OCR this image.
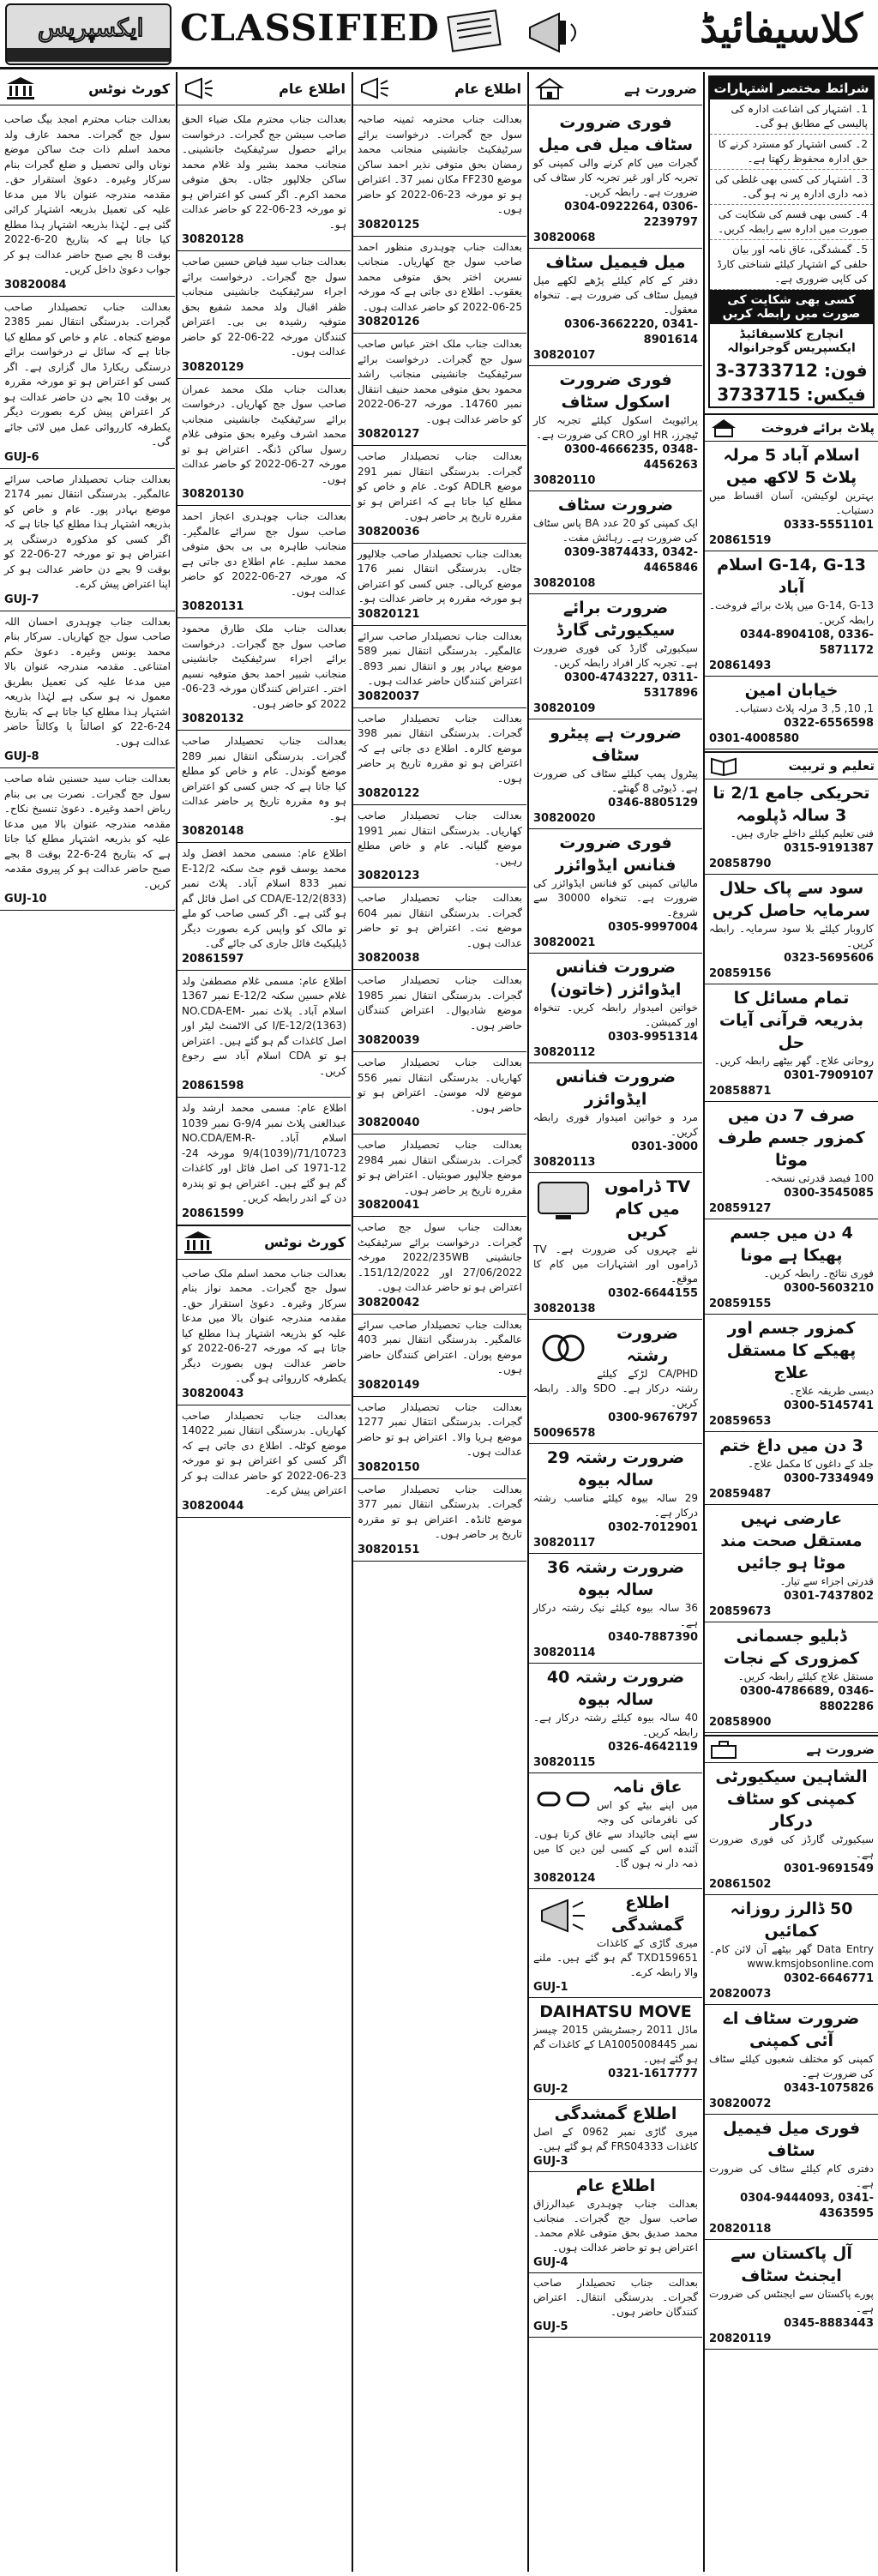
ایکسپریس CLASSIFIED	کلاسیفائیڈ
کورٹ نوٹس
بعدالت جناب محترم امجد بیگ صاحب سول جج گجرات۔ محمد عارف ولد محمد اسلم ذات جٹ ساکن موضع نوناں والی تحصیل و ضلع گجرات بنام سرکار وغیرہ۔ دعویٰ استقرار حق۔ مقدمہ مندرجہ عنوان بالا میں مدعا علیہ کی تعمیل بذریعہ اشتہار کرائی گئی ہے۔ لہٰذا بذریعہ اشتہار ہذا مطلع کیا جاتا ہے کہ بتاریخ 20-6-2022 بوقت 8 بجے صبح حاضر عدالت ہو کر جواب دعویٰ داخل کریں۔
30820084
بعدالت جناب تحصیلدار صاحب گجرات۔ بدرستگی انتقال نمبر 2385 موضع کنجاہ۔ عام و خاص کو مطلع کیا جاتا ہے کہ سائل نے درخواست برائے درستگی ریکارڈ مال گزاری ہے۔ اگر کسی کو اعتراض ہو تو مورخہ مقررہ پر بوقت 10 بجے دن حاضر عدالت ہو کر اعتراض پیش کرے بصورت دیگر یکطرفہ کارروائی عمل میں لائی جائے گی۔
GUJ-6
بعدالت جناب تحصیلدار صاحب سرائے عالمگیر۔ بدرستگی انتقال نمبر 2174 موضع بہادر پور۔ عام و خاص کو بذریعہ اشتہار ہذا مطلع کیا جاتا ہے کہ اگر کسی کو مذکورہ درستگی پر اعتراض ہو تو مورخہ 27-06-22 کو بوقت 9 بجے دن حاضر عدالت ہو کر اپنا اعتراض پیش کرے۔
GUJ-7
بعدالت جناب چوہدری احسان اللہ صاحب سول جج کھاریاں۔ سرکار بنام محمد یونس وغیرہ۔ دعویٰ حکم امتناعی۔ مقدمہ مندرجہ عنوان بالا میں مدعا علیہ کی تعمیل بطریق معمول نہ ہو سکی ہے لہٰذا بذریعہ اشتہار ہذا مطلع کیا جاتا ہے کہ بتاریخ 24-6-22 کو اصالتاً یا وکالتاً حاضر عدالت ہوں۔
GUJ-8
بعدالت جناب سید حسنین شاہ صاحب سول جج گجرات۔ نصرت بی بی بنام ریاض احمد وغیرہ۔ دعویٰ تنسیخ نکاح۔ مقدمہ مندرجہ عنوان بالا میں مدعا علیہ کو بذریعہ اشتہار مطلع کیا جاتا ہے کہ بتاریخ 24-6-22 بوقت 8 بجے صبح حاضر عدالت ہو کر پیروی مقدمہ کریں۔
GUJ-10
اطلاع عام
بعدالت جناب محترم ملک ضیاء الحق صاحب سیشن جج گجرات۔ درخواست برائے حصول سرٹیفکیٹ جانشینی۔ منجانب محمد بشیر ولد غلام محمد ساکن جلالپور جٹاں۔ بحق متوفی محمد اکرم۔ اگر کسی کو اعتراض ہو تو مورخہ 23-06-22 کو حاضر عدالت ہو۔
30820128
بعدالت جناب سید فیاض حسین صاحب سول جج گجرات۔ درخواست برائے اجراء سرٹیفکیٹ جانشینی منجانب ظفر اقبال ولد محمد شفیع بحق متوفیہ رشیدہ بی بی۔ اعتراض کنندگان مورخہ 22-06-22 کو حاضر عدالت ہوں۔
30820129
بعدالت جناب ملک محمد عمران صاحب سول جج کھاریاں۔ درخواست برائے سرٹیفکیٹ جانشینی منجانب محمد اشرف وغیرہ بحق متوفی غلام رسول ساکن ڈنگہ۔ اعتراض ہو تو مورخہ 27-06-2022 کو حاضر عدالت ہوں۔
30820130
بعدالت جناب چوہدری اعجاز احمد صاحب سول جج سرائے عالمگیر۔ منجانب طاہرہ بی بی بحق متوفی محمد سلیم۔ عام اطلاع دی جاتی ہے کہ مورخہ 27-06-2022 کو حاضر عدالت ہوں۔
30820131
بعدالت جناب ملک طارق محمود صاحب سول جج گجرات۔ درخواست برائے اجراء سرٹیفکیٹ جانشینی منجانب شبیر احمد بحق متوفیہ نسیم اختر۔ اعتراض کنندگان مورخہ 23-06-2022 کو حاضر ہوں۔
30820132
بعدالت جناب تحصیلدار صاحب گجرات۔ بدرستگی انتقال نمبر 289 موضع گوندل۔ عام و خاص کو مطلع کیا جاتا ہے کہ جس کسی کو اعتراض ہو وہ مقررہ تاریخ پر حاضر عدالت ہو۔
30820148
اطلاع عام: مسمی محمد افضل ولد محمد یوسف قوم جٹ سکنہ E-12/2 نمبر 833 اسلام آباد۔ پلاٹ نمبر CDA/E-12/2(833) کی اصل فائل گم ہو گئی ہے۔ اگر کسی صاحب کو ملے تو مالک کو واپس کرے بصورت دیگر ڈپلیکیٹ فائل جاری کی جائے گی۔
20861597
اطلاع عام: مسمی غلام مصطفیٰ ولد غلام حسین سکنہ E-12/2 نمبر 1367 اسلام آباد۔ پلاٹ نمبر NO.CDA-EM-I/E-12/2(1363) کی الاٹمنٹ لیٹر اور اصل کاغذات گم ہو گئے ہیں۔ اعتراض ہو تو CDA اسلام آباد سے رجوع کریں۔
20861598
اطلاع عام: مسمی محمد ارشد ولد عبدالغنی پلاٹ نمبر G-9/4 نمبر 1039 اسلام آباد۔ NO.CDA/EM-R-9/4(1039)/71/10723 مورخہ 24-12-1971 کی اصل فائل اور کاغذات گم ہو گئے ہیں۔ اعتراض ہو تو پندرہ دن کے اندر رابطہ کریں۔
20861599
کورٹ نوٹس
بعدالت جناب محمد اسلم ملک صاحب سول جج گجرات۔ محمد نواز بنام سرکار وغیرہ۔ دعویٰ استقرار حق۔ مقدمہ مندرجہ عنوان بالا میں مدعا علیہ کو بذریعہ اشتہار ہذا مطلع کیا جاتا ہے کہ مورخہ 27-06-2022 کو حاضر عدالت ہوں بصورت دیگر یکطرفہ کارروائی ہو گی۔
30820043
بعدالت جناب تحصیلدار صاحب کھاریاں۔ بدرستگی انتقال نمبر 14022 موضع کوٹلہ۔ اطلاع دی جاتی ہے کہ اگر کسی کو اعتراض ہو تو مورخہ 23-06-2022 کو حاضر عدالت ہو کر اعتراض پیش کرے۔
30820044
اطلاع عام
بعدالت جناب محترمہ ثمینہ صاحبہ سول جج گجرات۔ درخواست برائے سرٹیفکیٹ جانشینی منجانب محمد رمضان بحق متوفی نذیر احمد ساکن موضع FF230 مکان نمبر 37۔ اعتراض ہو تو مورخہ 23-06-2022 کو حاضر ہوں۔
30820125
بعدالت جناب چوہدری منظور احمد صاحب سول جج کھاریاں۔ منجانب نسرین اختر بحق متوفی محمد یعقوب۔ اطلاع دی جاتی ہے کہ مورخہ 25-06-2022 کو حاضر عدالت ہوں۔
30820126
بعدالت جناب ملک اختر عباس صاحب سول جج گجرات۔ درخواست برائے سرٹیفکیٹ جانشینی منجانب راشد محمود بحق متوفی محمد حنیف انتقال نمبر 14760۔ مورخہ 27-06-2022 کو حاضر عدالت ہوں۔
30820127
بعدالت جناب تحصیلدار صاحب گجرات۔ بدرستگی انتقال نمبر 291 موضع ADLR کوٹ۔ عام و خاص کو مطلع کیا جاتا ہے کہ اعتراض ہو تو مقررہ تاریخ پر حاضر ہوں۔
30820036
بعدالت جناب تحصیلدار صاحب جلالپور جٹاں۔ بدرستگی انتقال نمبر 176 موضع کریالی۔ جس کسی کو اعتراض ہو مورخہ مقررہ پر حاضر عدالت ہو۔
30820121
بعدالت جناب تحصیلدار صاحب سرائے عالمگیر۔ بدرستگی انتقال نمبر 589 موضع بہادر پور و انتقال نمبر 893۔ اعتراض کنندگان حاضر عدالت ہوں۔
30820037
بعدالت جناب تحصیلدار صاحب گجرات۔ بدرستگی انتقال نمبر 398 موضع کالرہ۔ اطلاع دی جاتی ہے کہ اعتراض ہو تو مقررہ تاریخ پر حاضر ہوں۔
30820122
بعدالت جناب تحصیلدار صاحب کھاریاں۔ بدرستگی انتقال نمبر 1991 موضع گلیانہ۔ عام و خاص مطلع رہیں۔
30820123
بعدالت جناب تحصیلدار صاحب گجرات۔ بدرستگی انتقال نمبر 604 موضع نت۔ اعتراض ہو تو حاضر عدالت ہوں۔
30820038
بعدالت جناب تحصیلدار صاحب گجرات۔ بدرستگی انتقال نمبر 1985 موضع شادیوال۔ اعتراض کنندگان حاضر ہوں۔
30820039
بعدالت جناب تحصیلدار صاحب کھاریاں۔ بدرستگی انتقال نمبر 556 موضع لالہ موسیٰ۔ اعتراض ہو تو حاضر ہوں۔
30820040
بعدالت جناب تحصیلدار صاحب گجرات۔ بدرستگی انتقال نمبر 2984 موضع جلالپور صوبتیاں۔ اعتراض ہو تو مقررہ تاریخ پر حاضر ہوں۔
30820041
بعدالت جناب سول جج صاحب گجرات۔ درخواست برائے سرٹیفکیٹ جانشینی 2022/235WB مورخہ 27/06/2022 اور 151/12/2022۔ اعتراض ہو تو حاضر عدالت ہوں۔
30820042
بعدالت جناب تحصیلدار صاحب سرائے عالمگیر۔ بدرستگی انتقال نمبر 403 موضع پوران۔ اعتراض کنندگان حاضر ہوں۔
30820149
بعدالت جناب تحصیلدار صاحب گجرات۔ بدرستگی انتقال نمبر 1277 موضع ہریا والا۔ اعتراض ہو تو حاضر عدالت ہوں۔
30820150
بعدالت جناب تحصیلدار صاحب گجرات۔ بدرستگی انتقال نمبر 377 موضع ٹانڈہ۔ اعتراض ہو تو مقررہ تاریخ پر حاضر ہوں۔
30820151
ضرورت ہے
فوری ضرورت سٹاف میل فی میل
گجرات میں کام کرنے والی کمپنی کو تجربہ کار اور غیر تجربہ کار سٹاف کی ضرورت ہے۔ رابطہ کریں۔
0304-0922264, 0306-2239797
30820068
میل فیمیل سٹاف
دفتر کے کام کیلئے پڑھے لکھے میل فیمیل سٹاف کی ضرورت ہے۔ تنخواہ معقول۔
0306-3662220, 0341-8901614
30820107
فوری ضرورت اسکول سٹاف
پرائیویٹ اسکول کیلئے تجربہ کار ٹیچرز، HR اور CRO کی ضرورت ہے۔
0300-4666235, 0348-4456263
30820110
ضرورت سٹاف
ایک کمپنی کو 20 عدد BA پاس سٹاف کی ضرورت ہے۔ رہائش مفت۔
0309-3874433, 0342-4465846
30820108
ضرورت برائے سیکیورٹی گارڈ
سیکیورٹی گارڈ کی فوری ضرورت ہے۔ تجربہ کار افراد رابطہ کریں۔
0300-4743227, 0311-5317896
30820109
ضرورت ہے پیٹرو سٹاف
پیٹرول پمپ کیلئے سٹاف کی ضرورت ہے۔ ڈیوٹی 8 گھنٹے۔
0346-8805129
30820020
فوری ضرورت فنانس ایڈوائزر
مالیاتی کمپنی کو فنانس ایڈوائزر کی ضرورت ہے۔ تنخواہ 30000 سے شروع۔
0305-9997004
30820021
ضرورت فنانس ایڈوائزر (خاتون)
خواتین امیدوار رابطہ کریں۔ تنخواہ اور کمیشن۔
0303-9951314
30820112
ضرورت فنانس ایڈوائزر
مرد و خواتین امیدوار فوری رابطہ کریں۔
0301-3000
30820113
TV ڈراموں میں کام کریں
نئے چہروں کی ضرورت ہے۔ TV ڈراموں اور اشتہارات میں کام کا موقع۔
0302-6644155
30820138
ضرورت رشتہ
CA/PHD لڑکے کیلئے رشتہ درکار ہے۔ SDO والد۔ رابطہ کریں۔
0300-9676797
50096578
ضرورت رشتہ 29 سالہ بیوہ
29 سالہ بیوہ کیلئے مناسب رشتہ درکار ہے۔
0302-7012901
30820117
ضرورت رشتہ 36 سالہ بیوہ
36 سالہ بیوہ کیلئے نیک رشتہ درکار ہے۔
0340-7887390
30820114
ضرورت رشتہ 40 سالہ بیوہ
40 سالہ بیوہ کیلئے رشتہ درکار ہے۔ رابطہ کریں۔
0326-4642119
30820115
عاق نامہ
میں اپنے بیٹے کو اس کی نافرمانی کی وجہ سے اپنی جائیداد سے عاق کرتا ہوں۔ آئندہ اس کے کسی لین دین کا میں ذمہ دار نہ ہوں گا۔
30820124
اطلاع گمشدگی
میری گاڑی کے کاغذات TXD159651 گم ہو گئے ہیں۔ ملنے والا رابطہ کرے۔
GUJ-1
DAIHATSU MOVE
ماڈل 2011 رجسٹریشن 2015 چیسز نمبر LA1005008445 کے کاغذات گم ہو گئے ہیں۔
0321-1617777
GUJ-2
اطلاع گمشدگی
میری گاڑی نمبر 0962 کے اصل کاغذات FRS04333 گم ہو گئے ہیں۔
GUJ-3
اطلاع عام
بعدالت جناب چوہدری عبدالرزاق صاحب سول جج گجرات۔ منجانب محمد صدیق بحق متوفی غلام محمد۔ اعتراض ہو تو حاضر عدالت ہوں۔
GUJ-4
بعدالت جناب تحصیلدار صاحب گجرات۔ بدرستگی انتقال۔ اعتراض کنندگان حاضر ہوں۔
GUJ-5
شرائط مختصر اشتہارات
1۔ اشتہار کی اشاعت ادارہ کی پالیسی کے مطابق ہو گی۔
2۔ کسی اشتہار کو مسترد کرنے کا حق ادارہ محفوظ رکھتا ہے۔
3۔ اشتہار کی کسی بھی غلطی کی ذمہ داری ادارہ پر نہ ہو گی۔
4۔ کسی بھی قسم کی شکایت کی صورت میں ادارہ سے رابطہ کریں۔
5۔ گمشدگی، عاق نامہ اور بیان حلفی کے اشتہار کیلئے شناختی کارڈ کی کاپی ضروری ہے۔
کسی بھی شکایت کی صورت میں رابطہ کریں
انچارج کلاسیفائیڈ ایکسپریس گوجرانوالہ
فون: 3733712-3
فیکس: 3733715
پلاٹ برائے فروخت
اسلام آباد 5 مرلہ پلاٹ 5 لاکھ میں
بہترین لوکیشن، آسان اقساط میں دستیاب۔
0333-5551101
20861519
G-14, G-13 اسلام آباد
G-14, G-13 میں پلاٹ برائے فروخت۔ رابطہ کریں۔
0344-8904108, 0336-5871172
20861493
خیابان امین
1, 10, 5, 3 مرلہ پلاٹ دستیاب۔
0322-6556598
0301-4008580
تعلیم و تربیت
تحریکی جامع 2/1 تا 3 سالہ ڈپلومہ
فنی تعلیم کیلئے داخلے جاری ہیں۔
0315-9191387
20858790
سود سے پاک حلال سرمایہ حاصل کریں
کاروبار کیلئے بلا سود سرمایہ۔ رابطہ کریں۔
0323-5695606
20859156
تمام مسائل کا بذریعہ قرآنی آیات حل
روحانی علاج۔ گھر بیٹھے رابطہ کریں۔
0301-7909107
20858871
صرف 7 دن میں کمزور جسم طرف موٹا
100 فیصد قدرتی نسخہ۔
0300-3545085
20859127
4 دن میں جسم پھیکا ہے مونا
فوری نتائج۔ رابطہ کریں۔
0300-5603210
20859155
کمزور جسم اور پھیکے کا مستقل علاج
دیسی طریقہ علاج۔
0300-5145741
20859653
3 دن میں داغ ختم
جلد کے داغوں کا مکمل علاج۔
0300-7334949
20859487
عارضی نہیں مستقل صحت مند موٹا ہو جائیں
قدرتی اجزاء سے تیار۔
0301-7437802
20859673
ڈبلیو جسمانی کمزوری کے نجات
مستقل علاج کیلئے رابطہ کریں۔
0300-4786689, 0346-8802286
20858900
ضرورت ہے
الشاہین سیکیورٹی کمپنی کو سٹاف درکار
سیکیورٹی گارڈز کی فوری ضرورت ہے۔
0301-9691549
20861502
50 ڈالرز روزانہ کمائیں
Data Entry گھر بیٹھے آن لائن کام۔ www.kmsjobsonline.com
0302-6646771
20820073
ضرورت سٹاف اے آئی کمپنی
کمپنی کو مختلف شعبوں کیلئے سٹاف کی ضرورت ہے۔
0343-1075826
30820072
فوری میل فیمیل سٹاف
دفتری کام کیلئے سٹاف کی ضرورت ہے۔
0304-9444093, 0341-4363595
20820118
آل پاکستان سے ایجنٹ سٹاف
پورے پاکستان سے ایجنٹس کی ضرورت ہے۔
0345-8883443
20820119
